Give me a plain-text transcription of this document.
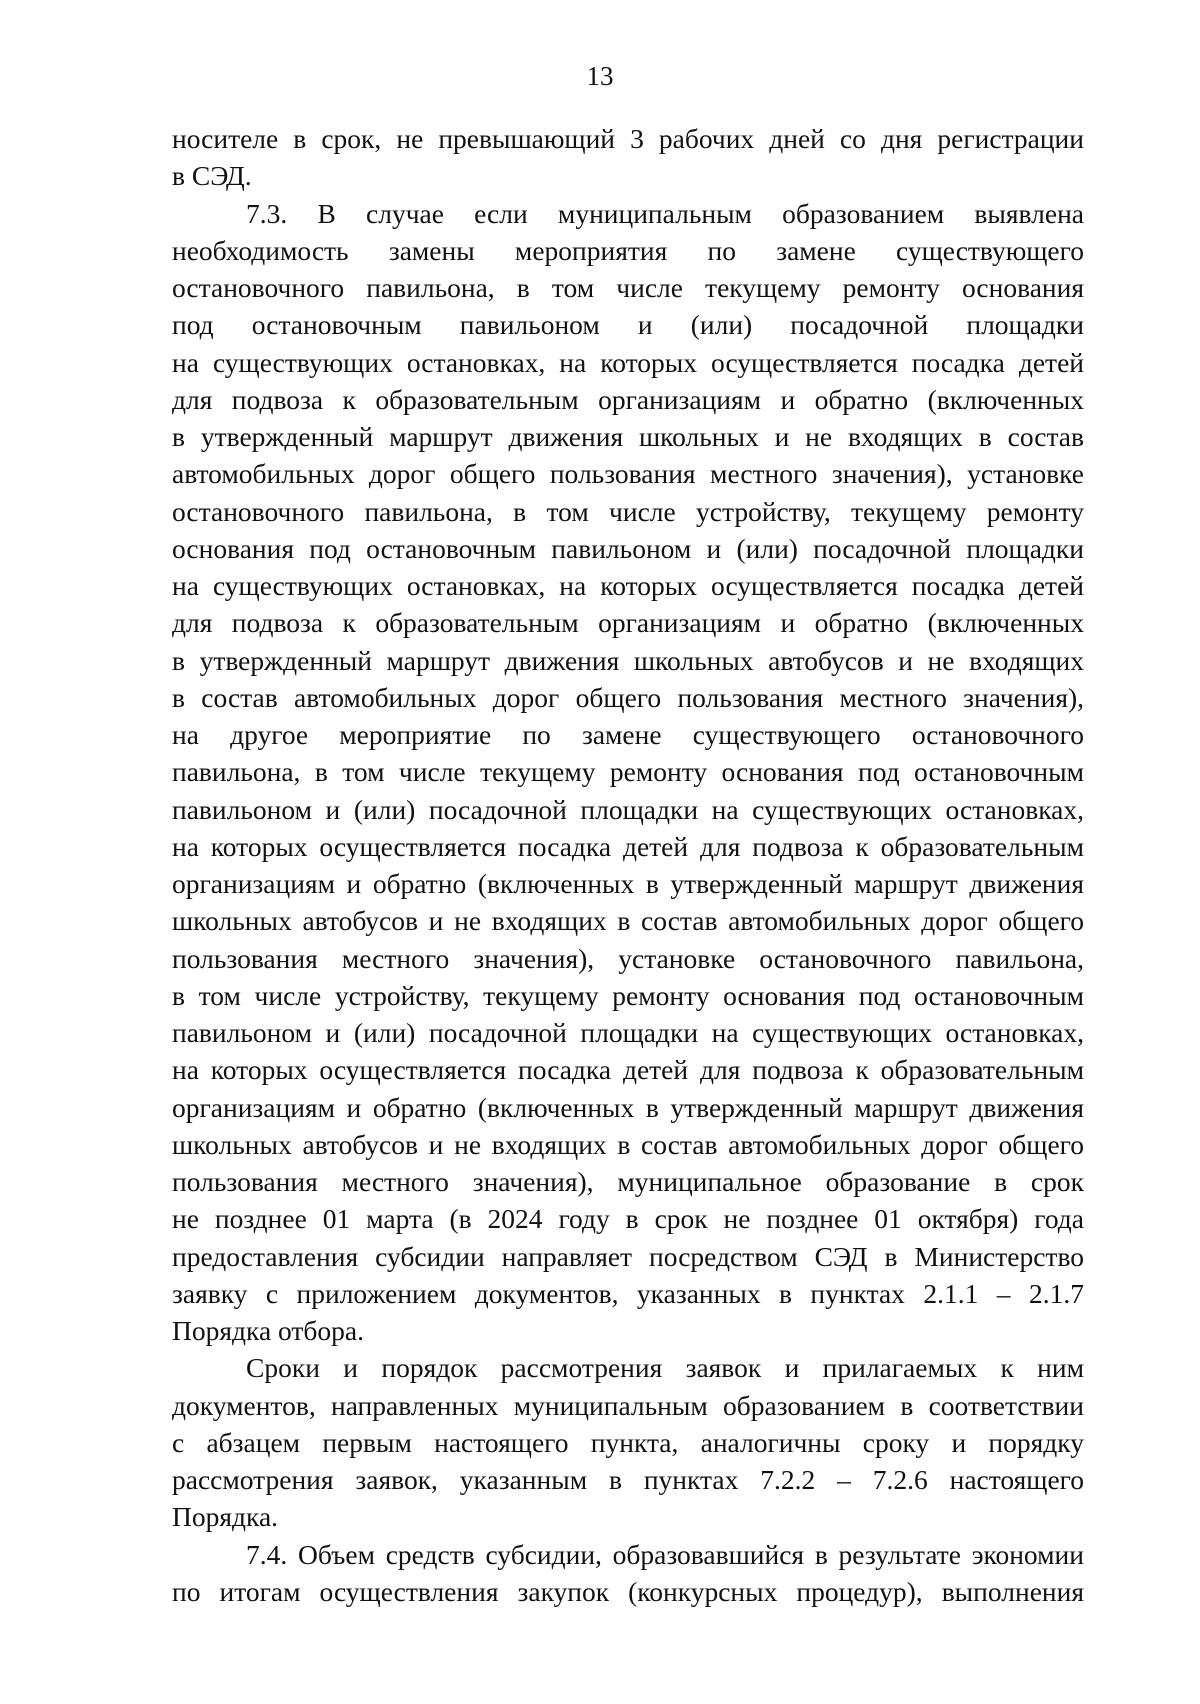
13
носителе в срок, не превышающий 3 рабочих дней со дня регистрации
в СЭД.
7.3. В случае если муниципальным образованием выявлена
необходимость замены мероприятия по замене существующего
остановочного павильона, в том числе текущему ремонту основания
под остановочным павильоном и (или) посадочной площадки
на существующих остановках, на которых осуществляется посадка детей
для подвоза к образовательным организациям и обратно (включенных
в утвержденный маршрут движения школьных и не входящих в состав
автомобильных дорог общего пользования местного значения), установке
остановочного павильона, в том числе устройству, текущему ремонту
основания под остановочным павильоном и (или) посадочной площадки
на существующих остановках, на которых осуществляется посадка детей
для подвоза к образовательным организациям и обратно (включенных
в утвержденный маршрут движения школьных автобусов и не входящих
в состав автомобильных дорог общего пользования местного значения),
на другое мероприятие по замене существующего остановочного
павильона, в том числе текущему ремонту основания под остановочным
павильоном и (или) посадочной площадки на существующих остановках,
на которых осуществляется посадка детей для подвоза к образовательным
организациям и обратно (включенных в утвержденный маршрут движения
школьных автобусов и не входящих в состав автомобильных дорог общего
пользования местного значения), установке остановочного павильона,
в том числе устройству, текущему ремонту основания под остановочным
павильоном и (или) посадочной площадки на существующих остановках,
на которых осуществляется посадка детей для подвоза к образовательным
организациям и обратно (включенных в утвержденный маршрут движения
школьных автобусов и не входящих в состав автомобильных дорог общего
пользования местного значения), муниципальное образование в срок
не позднее 01 марта (в 2024 году в срок не позднее 01 октября) года
предоставления субсидии направляет посредством СЭД в Министерство
заявку с приложением документов, указанных в пунктах 2.1.1 – 2.1.7
Порядка отбора.
Сроки и порядок рассмотрения заявок и прилагаемых к ним
документов, направленных муниципальным образованием в соответствии
с абзацем первым настоящего пункта, аналогичны сроку и порядку
рассмотрения заявок, указанным в пунктах 7.2.2 – 7.2.6 настоящего
Порядка.
7.4. Объем средств субсидии, образовавшийся в результате экономии
по итогам осуществления закупок (конкурсных процедур), выполнения
